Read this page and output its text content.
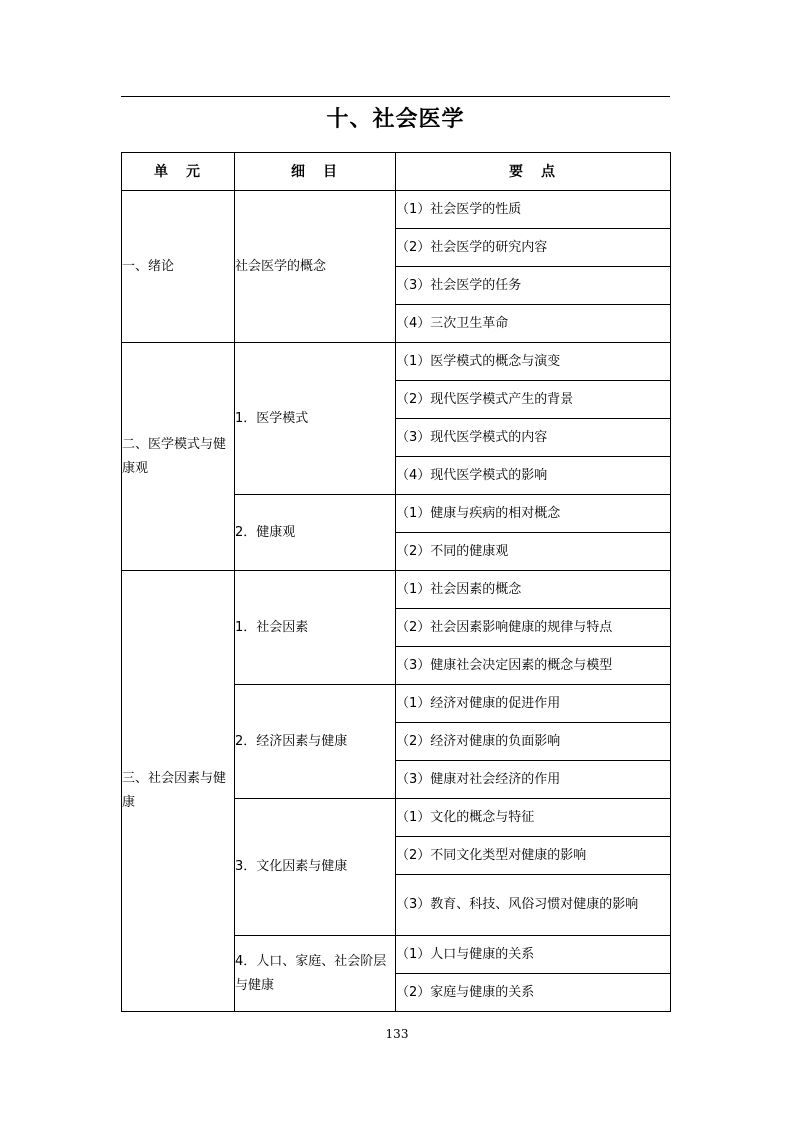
十、社会医学
单　元	细　目	要　点
一、绪论	社会医学的概念	（1）社会医学的性质
		（2）社会医学的研究内容
		（3）社会医学的任务
		（4）三次卫生革命
二、医学模式与健康观	1．医学模式	（1）医学模式的概念与演变
		（2）现代医学模式产生的背景
		（3）现代医学模式的内容
		（4）现代医学模式的影响
	2．健康观	（1）健康与疾病的相对概念
		（2）不同的健康观
三、社会因素与健康	1．社会因素	（1）社会因素的概念
		（2）社会因素影响健康的规律与特点
		（3）健康社会决定因素的概念与模型
	2．经济因素与健康	（1）经济对健康的促进作用
		（2）经济对健康的负面影响
		（3）健康对社会经济的作用
	3．文化因素与健康	（1）文化的概念与特征
		（2）不同文化类型对健康的影响
		（3）教育、科技、风俗习惯对健康的影响
	4．人口、家庭、社会阶层与健康	（1）人口与健康的关系
		（2）家庭与健康的关系
133
